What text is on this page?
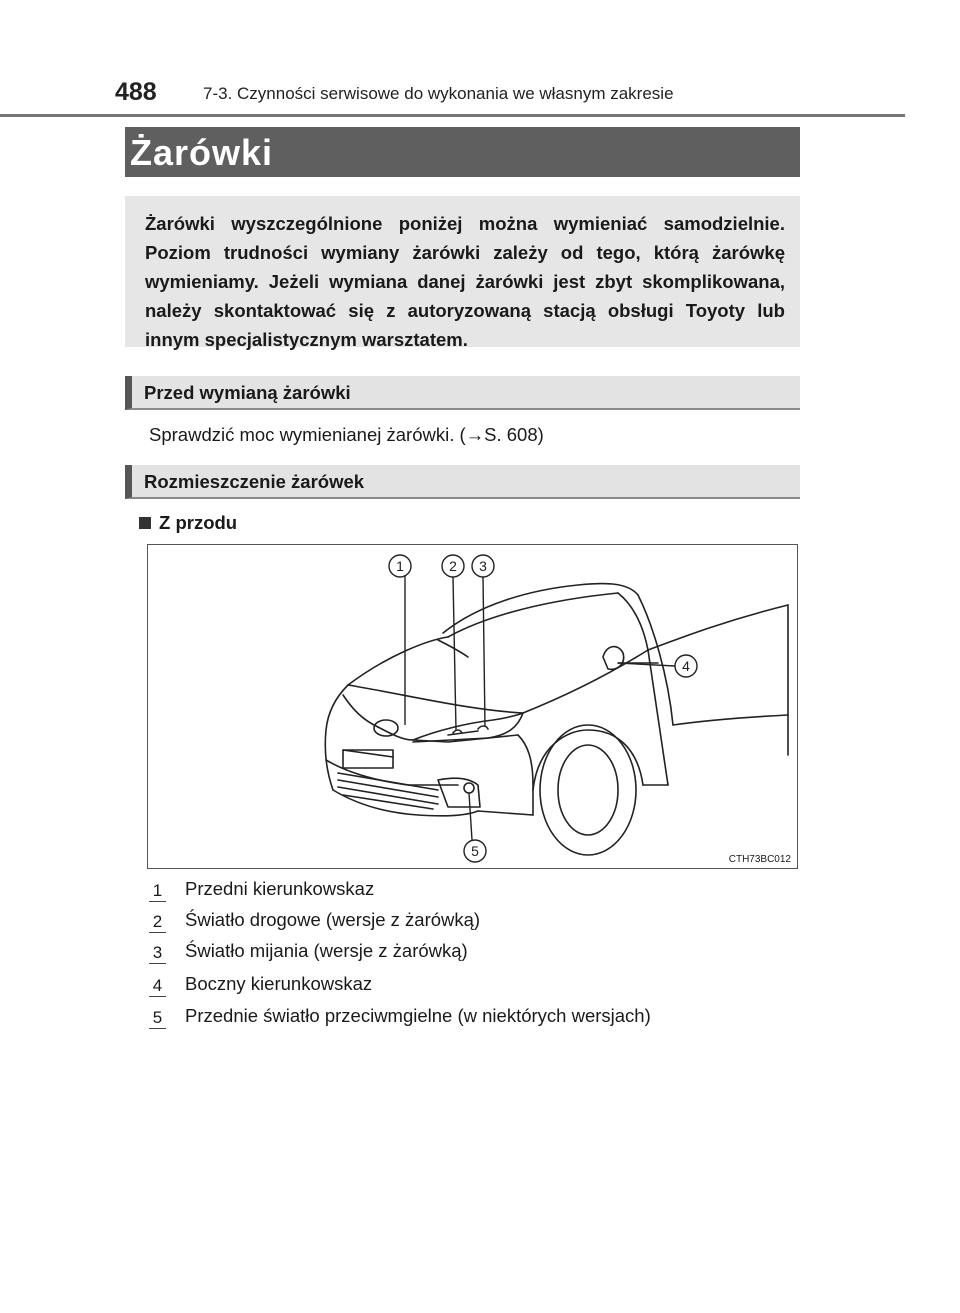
488	7-3. Czynności serwisowe do wykonania we własnym zakresie
Żarówki

Żarówki wyszczególnione poniżej można wymieniać samodzielnie. Poziom trudności wymiany żarówki zależy od tego, którą żarówkę wymieniamy. Jeżeli wymiana danej żarówki jest zbyt skomplikowana, należy skontaktować się z autoryzowaną stacją obsługi Toyoty lub innym specjalistycznym warsztatem.

Przed wymianą żarówki
Sprawdzić moc wymienianej żarówki. (→S. 608)
Rozmieszczenie żarówek
Z przodu
1	2 3
4
5
CTH73BC012
1 Przedni kierunkowskaz
2 Światło drogowe (wersje z żarówką)
3 Światło mijania (wersje z żarówką)
4 Boczny kierunkowskaz
5 Przednie światło przeciwmgielne (w niektórych wersjach)
